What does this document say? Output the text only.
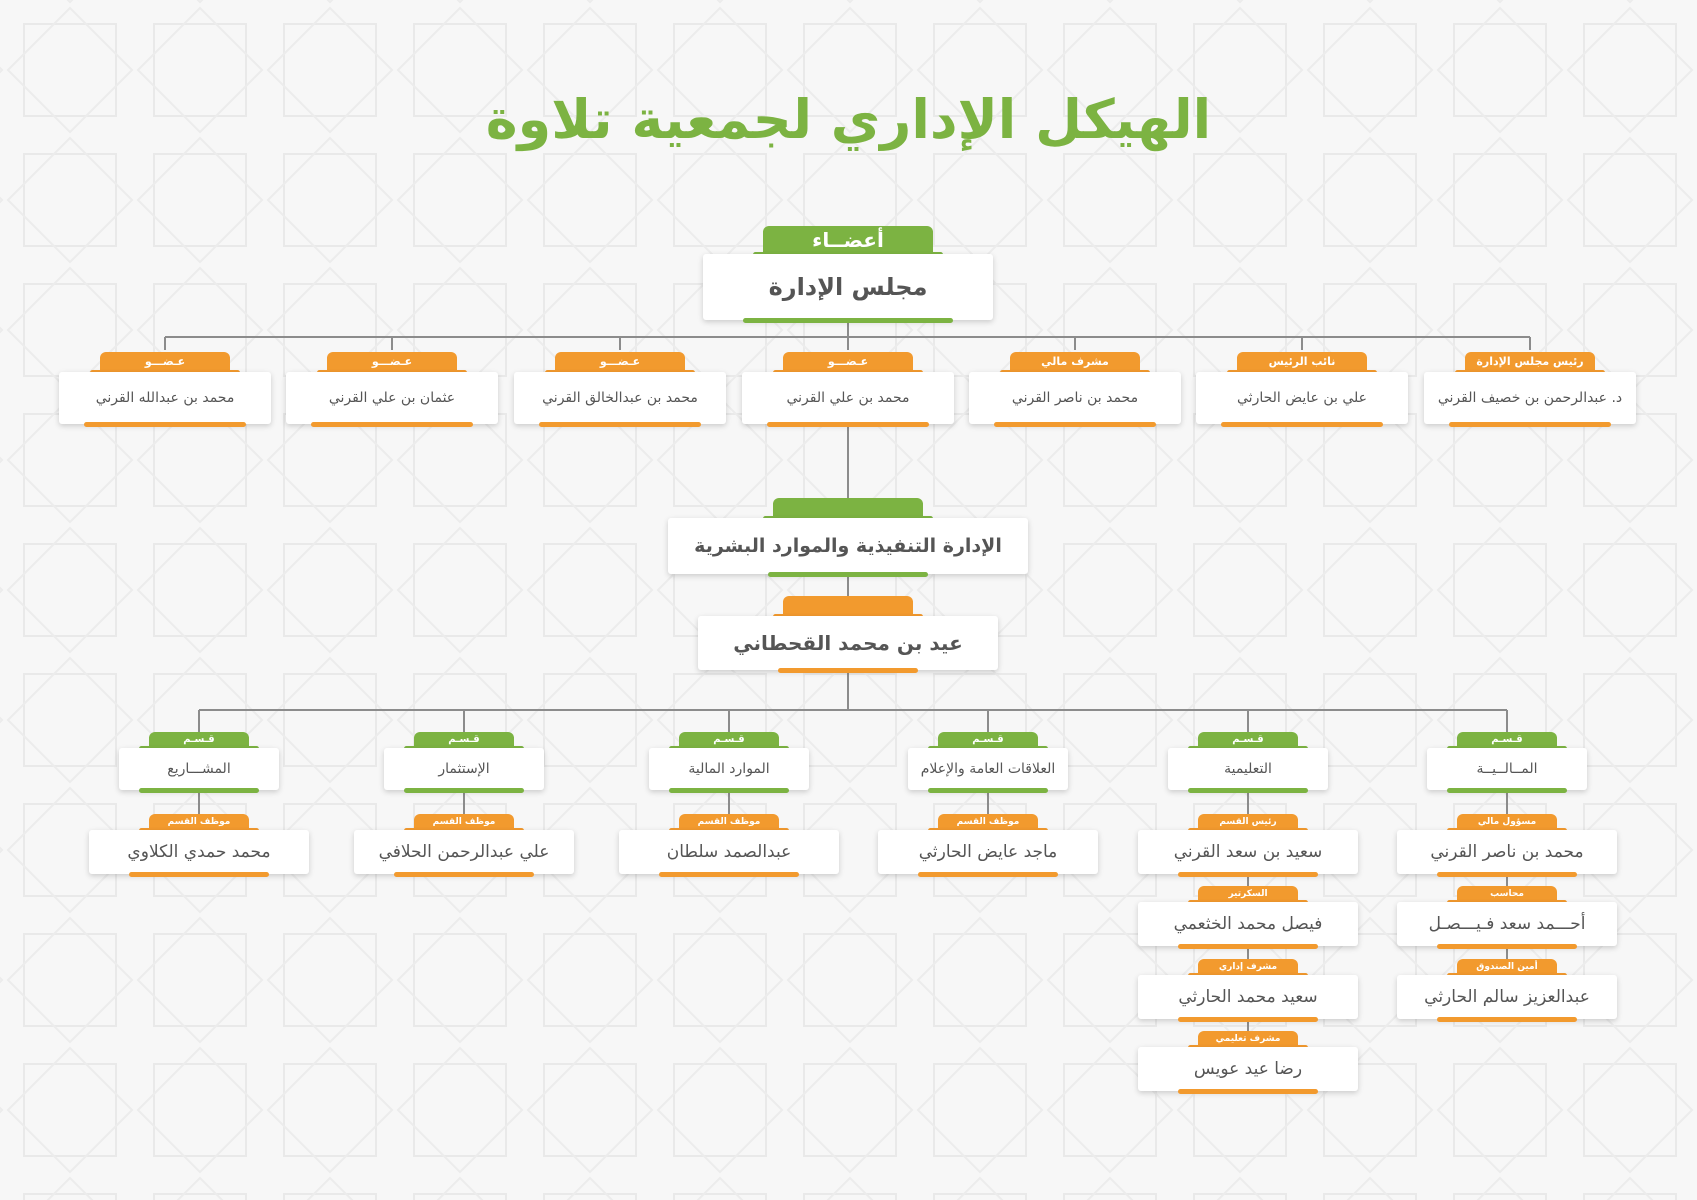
الهيكل الإداري لجمعية تلاوة
أعضــاء
مجلس الإدارة
رئيس مجلس الإدارة
د. عبدالرحمن بن خصيف القرني
نائب الرئيس
علي بن عايض الحارثي
مشرف مالي
محمد بن ناصر القرني
عـضـــو
محمد بن علي القرني
عـضـــو
محمد بن عبدالخالق القرني
عـضـــو
عثمان بن علي القرني
عـضـــو
محمد بن عبدالله القرني
الإدارة التنفيذية والموارد البشرية
عيد بن محمد القحطاني
قـسـم
المــالــيــة
مسؤول مالي
محمد بن ناصر القرني
محاسب
أحـــمد سعد فـيـــصـل
أمين الصندوق
عبدالعزيز سالم الحارثي
قـسـم
التعليمية
رئيس القسم
سعيد بن سعد القرني
السكرتير
فيصل محمد الخثعمي
مشرف إداري
سعيد محمد الحارثي
مشرف تعليمي
رضا عيد عويس
قـسـم
العلاقات العامة والإعلام
موظف القسم
ماجد عايض الحارثي
قـسـم
الموارد المالية
موظف القسم
عبدالصمد سلطان
قـسـم
الإستثمار
موظف القسم
علي عبدالرحمن الحلافي
قـسـم
المشـــاريع
موظف القسم
محمد حمدي الكلاوي
